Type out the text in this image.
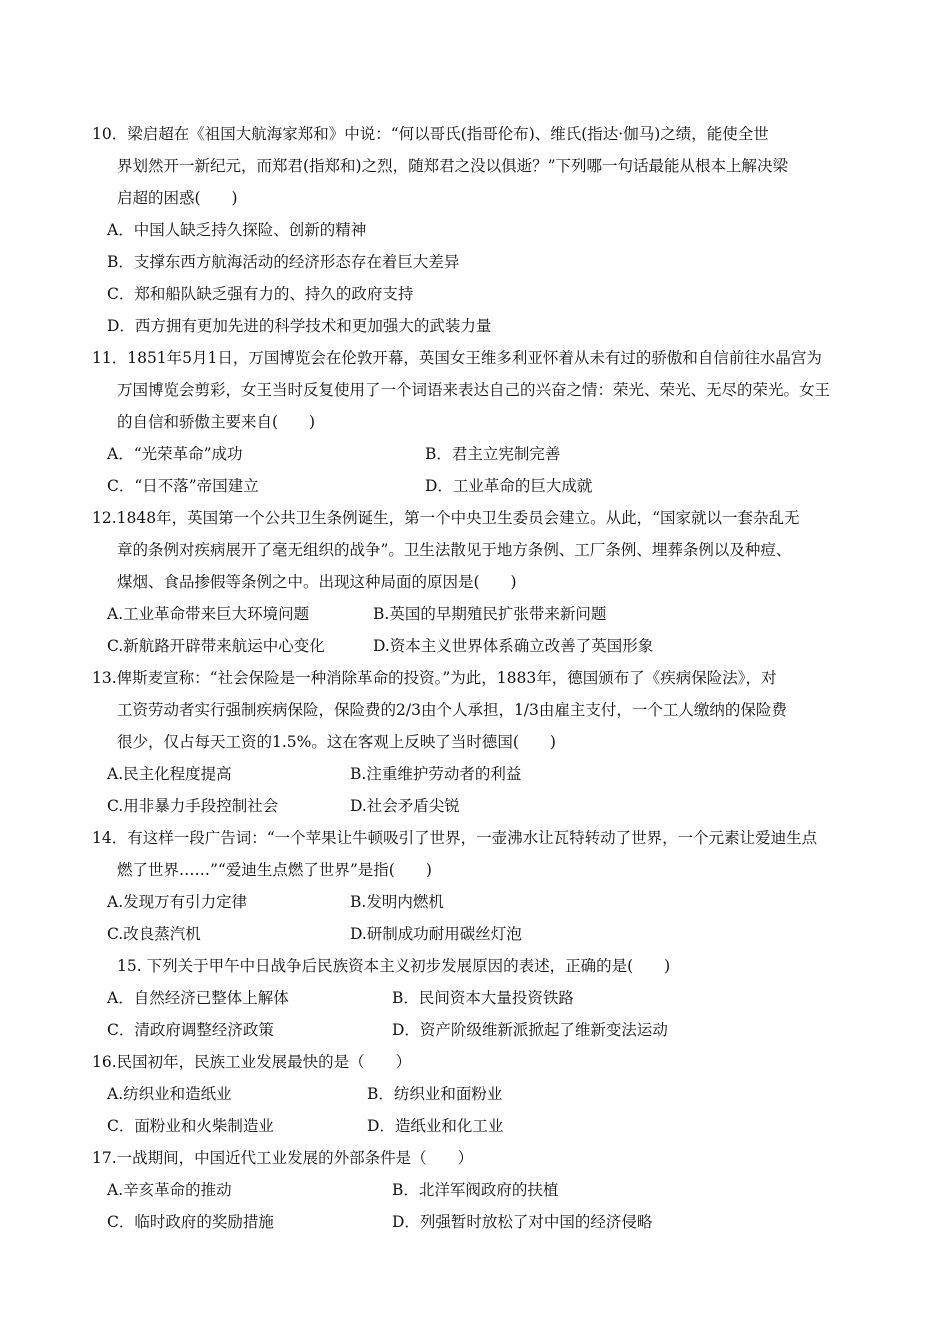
10．梁启超在《祖国大航海家郑和》中说：“何以哥氏(指哥伦布)、维氏(指达·伽马)之绩，能使全世
界划然开一新纪元，而郑君(指郑和)之烈，随郑君之没以俱逝？”下列哪一句话最能从根本上解决梁
启超的困惑(　　)
A．中国人缺乏持久探险、创新的精神
B．支撑东西方航海活动的经济形态存在着巨大差异
C．郑和船队缺乏强有力的、持久的政府支持
D．西方拥有更加先进的科学技术和更加强大的武装力量
11．1851年5月1日，万国博览会在伦敦开幕，英国女王维多利亚怀着从未有过的骄傲和自信前往水晶宫为
万国博览会剪彩，女王当时反复使用了一个词语来表达自己的兴奋之情：荣光、荣光、无尽的荣光。女王
的自信和骄傲主要来自(　　)
A．“光荣革命”成功	B．君主立宪制完善
C．“日不落”帝国建立	D．工业革命的巨大成就
12.1848年，英国第一个公共卫生条例诞生，第一个中央卫生委员会建立。从此，“国家就以一套杂乱无
章的条例对疾病展开了毫无组织的战争”。卫生法散见于地方条例、工厂条例、埋葬条例以及种痘、
煤烟、食品掺假等条例之中。出现这种局面的原因是(　　)
A.工业革命带来巨大环境问题	B.英国的早期殖民扩张带来新问题
C.新航路开辟带来航运中心变化	D.资本主义世界体系确立改善了英国形象
13.俾斯麦宣称：“社会保险是一种消除革命的投资。”为此，1883年，德国颁布了《疾病保险法》，对
工资劳动者实行强制疾病保险，保险费的2/3由个人承担，1/3由雇主支付，一个工人缴纳的保险费
很少，仅占每天工资的1.5%。这在客观上反映了当时德国(　　)
A.民主化程度提高	B.注重维护劳动者的利益
C.用非暴力手段控制社会	D.社会矛盾尖锐
14．有这样一段广告词：“一个苹果让牛顿吸引了世界，一壶沸水让瓦特转动了世界，一个元素让爱迪生点
燃了世界……”“爱迪生点燃了世界”是指(　　)
A.发现万有引力定律	B.发明内燃机
C.改良蒸汽机	D.研制成功耐用碳丝灯泡
15. 下列关于甲午中日战争后民族资本主义初步发展原因的表述，正确的是(　　)
A．自然经济已整体上解体	B．民间资本大量投资铁路
C．清政府调整经济政策	D．资产阶级维新派掀起了维新变法运动
16.民国初年，民族工业发展最快的是（　　）
A.纺织业和造纸业	B．纺织业和面粉业
C．面粉业和火柴制造业	D．造纸业和化工业
17.一战期间，中国近代工业发展的外部条件是（　　）
A.辛亥革命的推动	B．北洋军阀政府的扶植
C．临时政府的奖励措施	D．列强暂时放松了对中国的经济侵略
